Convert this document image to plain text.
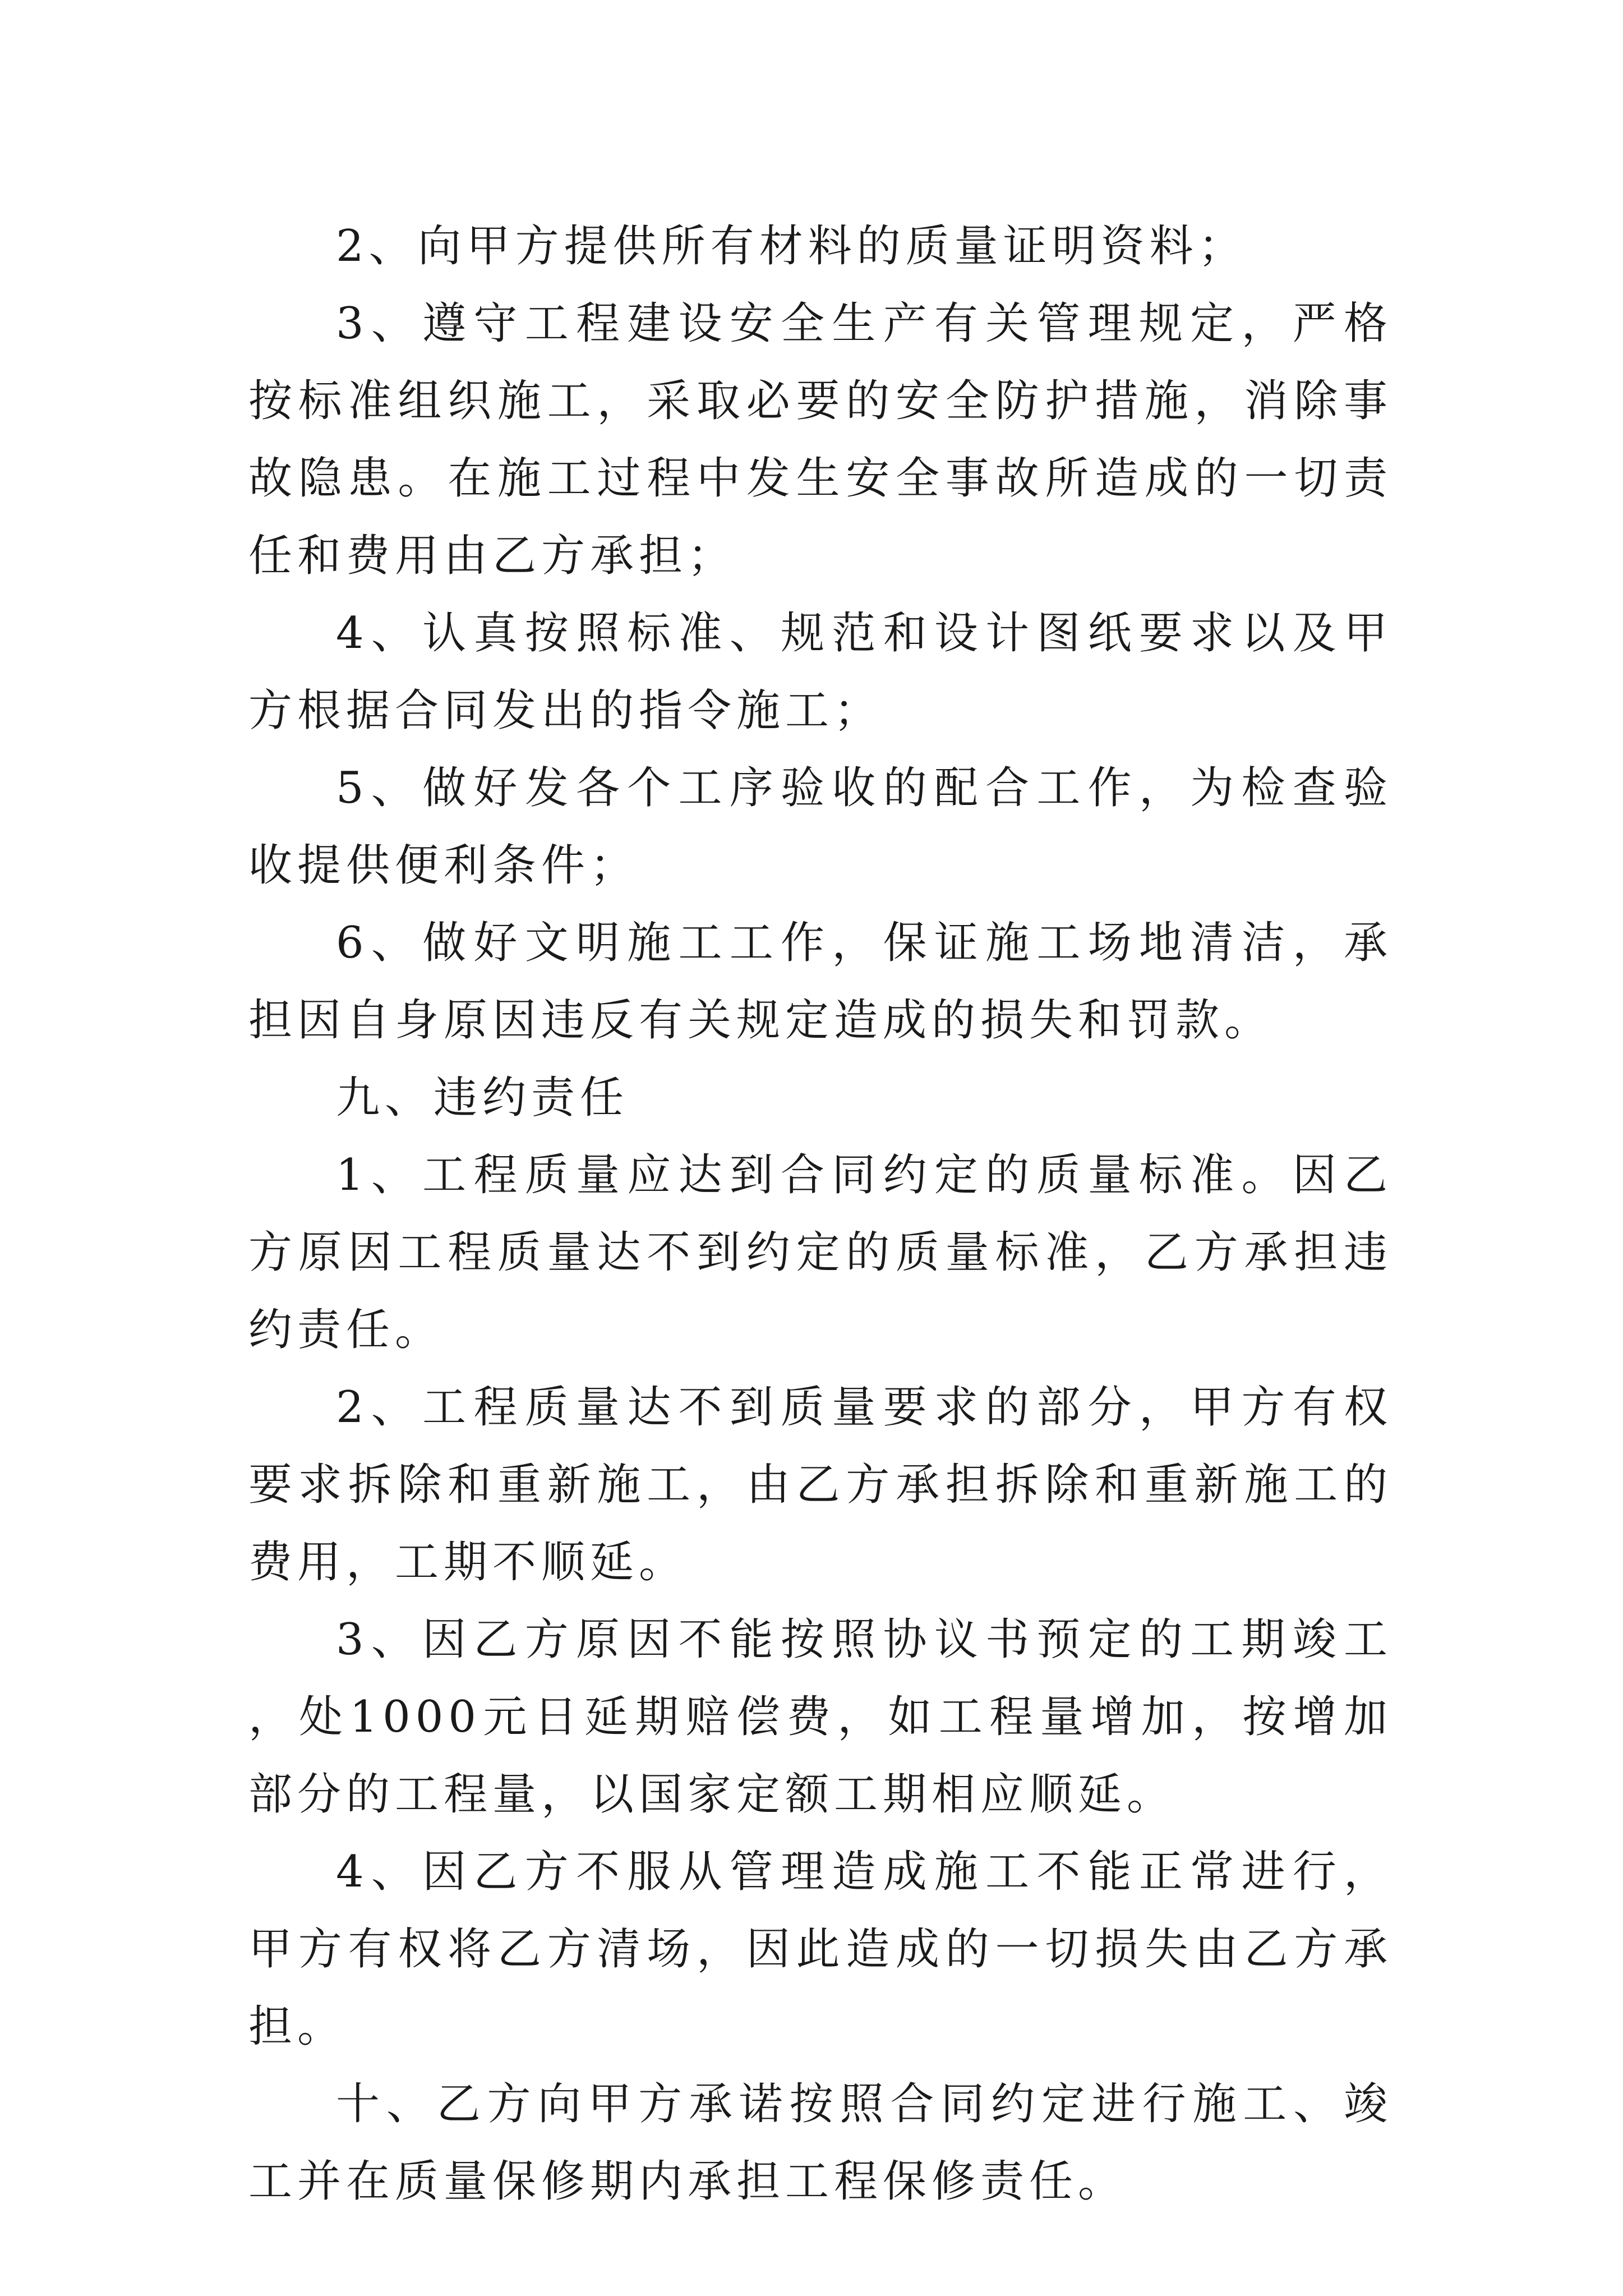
2、向甲方提供所有材料的质量证明资料；

3、遵守工程建设安全生产有关管理规定，严格按标准组织施工，采取必要的安全防护措施，消除事故隐患。在施工过程中发生安全事故所造成的一切责任和费用由乙方承担；

4、认真按照标准、规范和设计图纸要求以及甲方根据合同发出的指令施工；

5、做好发各个工序验收的配合工作，为检查验收提供便利条件；

6、做好文明施工工作，保证施工场地清洁，承担因自身原因违反有关规定造成的损失和罚款。

九、违约责任

1、工程质量应达到合同约定的质量标准。因乙方原因工程质量达不到约定的质量标准，乙方承担违约责任。

2、工程质量达不到质量要求的部分，甲方有权要求拆除和重新施工，由乙方承担拆除和重新施工的费用，工期不顺延。

3、因乙方原因不能按照协议书预定的工期竣工，处1000元日延期赔偿费，如工程量增加，按增加部分的工程量，以国家定额工期相应顺延。

4、因乙方不服从管理造成施工不能正常进行，甲方有权将乙方清场，因此造成的一切损失由乙方承担。

十、乙方向甲方承诺按照合同约定进行施工、竣工并在质量保修期内承担工程保修责任。
